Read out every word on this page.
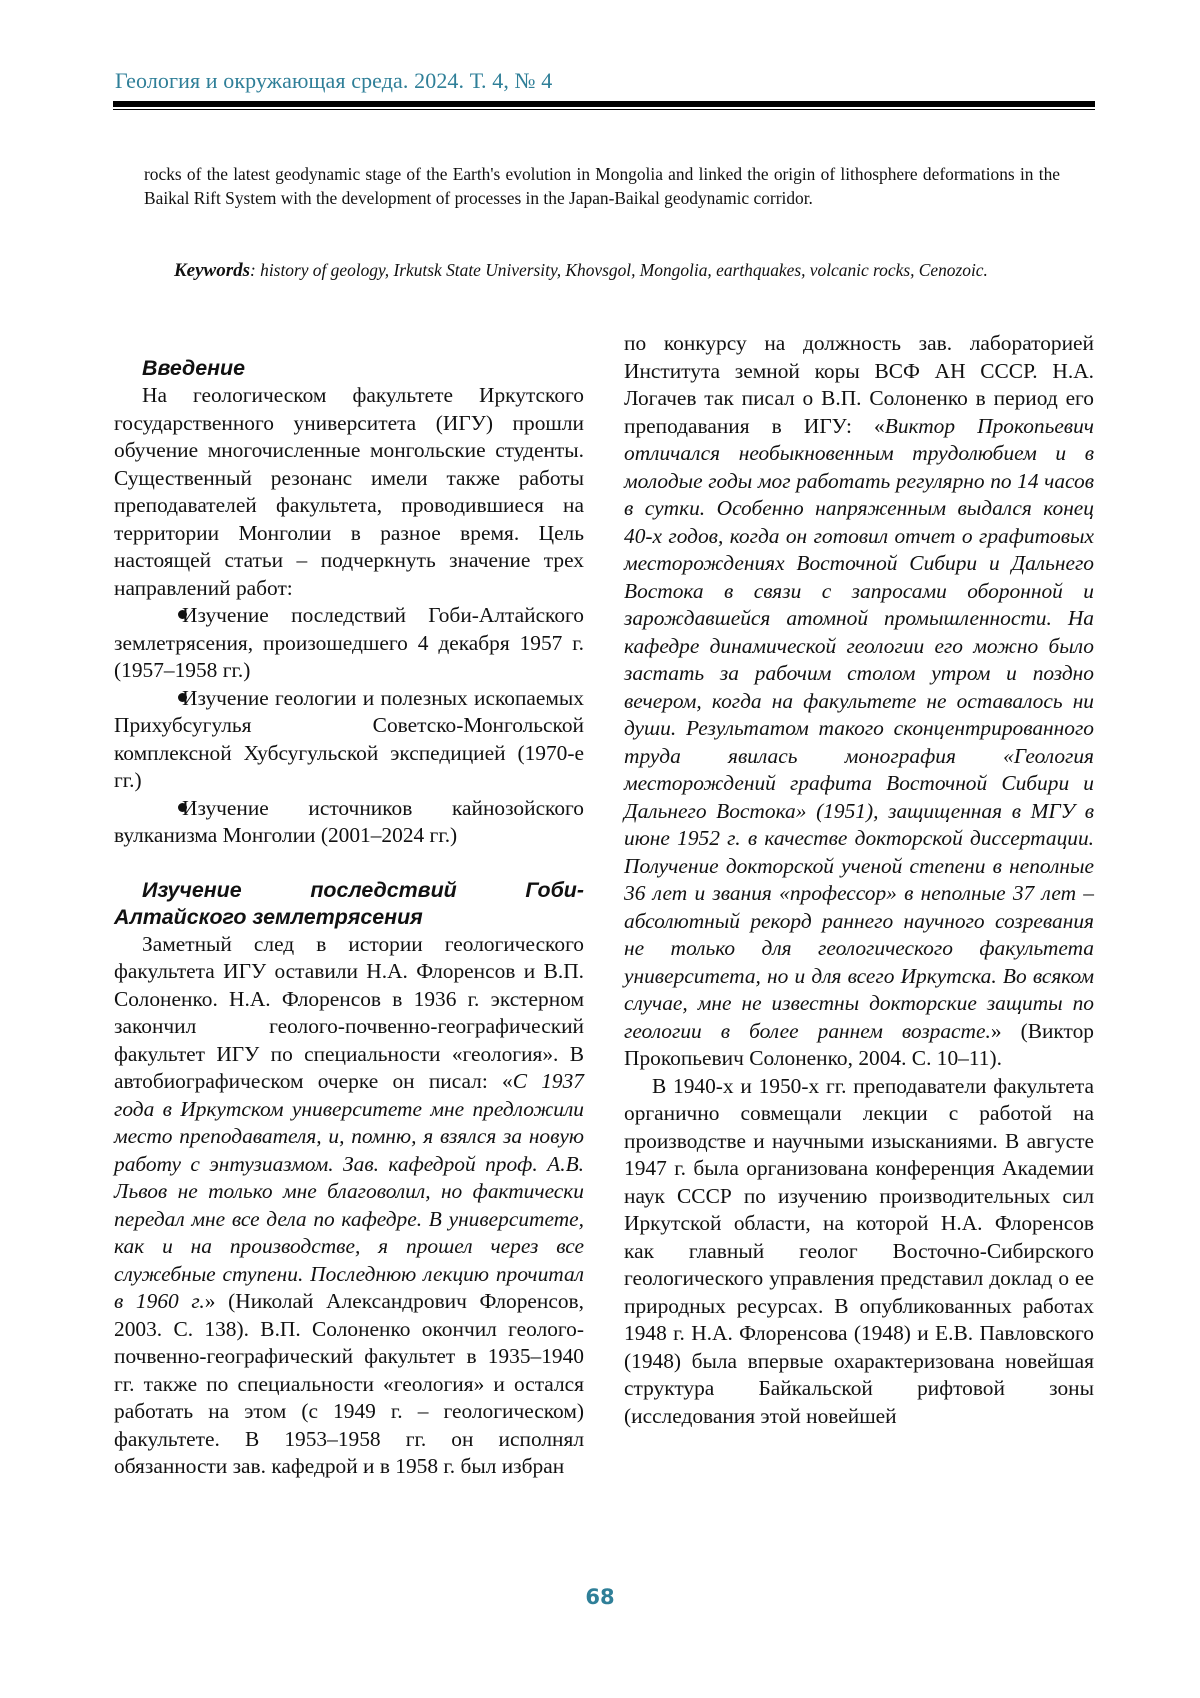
Геология и окружающая среда. 2024. Т. 4, № 4
rocks of the latest geodynamic stage of the Earth's evolution in Mongolia and linked the origin of lithosphere deformations in the Baikal Rift System with the development of processes in the Japan-Baikal geodynamic corridor.
Keywords: history of geology, Irkutsk State University, Khovsgol, Mongolia, earthquakes, volcanic rocks, Cenozoic.
Введение

На геологическом факультете Иркутского государственного университета (ИГУ) прошли обучение многочисленные монгольские студенты. Существенный резонанс имели также работы преподавателей факультета, проводившиеся на территории Монголии в разное время. Цель настоящей статьи – подчеркнуть значение трех направлений работ:

Изучение последствий Гоби-Алтайского землетрясения, произошедшего 4 декабря 1957 г. (1957–1958 гг.)
Изучение геологии и полезных ископаемых Прихубсугулья Советско-Монгольской комплексной Хубсугульской экспедицией (1970-е гг.)
Изучение источников кайнозойского вулканизма Монголии (2001–2024 гг.)
Изучение последствий Гоби-Алтайского землетрясения

Заметный след в истории геологического факультета ИГУ оставили Н.А. Флоренсов и В.П. Солоненко. Н.А. Флоренсов в 1936 г. экстерном закончил геолого-почвенно-географический факультет ИГУ по специальности «геология». В автобиографическом очерке он писал: «С 1937 года в Иркутском университете мне предложили место преподавателя, и, помню, я взялся за новую работу с энтузиазмом. Зав. кафедрой проф. А.В. Львов не только мне благоволил, но фактически передал мне все дела по кафедре. В университете, как и на производстве, я прошел через все служебные ступени. Последнюю лекцию прочитал в 1960 г.» (Николай Александрович Флоренсов, 2003. С. 138). В.П. Солоненко окончил геолого-почвенно-географический факультет в 1935–1940 гг. также по специальности «геология» и остался работать на этом (с 1949 г. – геологическом) факультете. В 1953–1958 гг. он исполнял обязанности зав. кафедрой и в 1958 г. был избран

по конкурсу на должность зав. лабораторией Института земной коры ВСФ АН СССР. Н.А. Логачев так писал о В.П. Солоненко в период его преподавания в ИГУ: «Виктор Прокопьевич отличался необыкновенным трудолюбием и в молодые годы мог работать регулярно по 14 часов в сутки. Особенно напряженным выдался конец 40-х годов, когда он готовил отчет о графитовых месторождениях Восточной Сибири и Дальнего Востока в связи с запросами оборонной и зарождавшейся атомной промышленности. На кафедре динамической геологии его можно было застать за рабочим столом утром и поздно вечером, когда на факультете не оставалось ни души. Результатом такого сконцентрированного труда явилась монография «Геология месторождений графита Восточной Сибири и Дальнего Востока» (1951), защищенная в МГУ в июне 1952 г. в качестве докторской диссертации. Получение докторской ученой степени в неполные 36 лет и звания «профессор» в неполные 37 лет – абсолютный рекорд раннего научного созревания не только для геологического факультета университета, но и для всего Иркутска. Во всяком случае, мне не известны докторские защиты по геологии в более раннем возрасте.» (Виктор Прокопьевич Солоненко, 2004. С. 10–11).

В 1940-х и 1950-х гг. преподаватели факультета органично совмещали лекции с работой на производстве и научными изысканиями. В августе 1947 г. была организована конференция Академии наук СССР по изучению производительных сил Иркутской области, на которой Н.А. Флоренсов как главный геолог Восточно-Сибирского геологического управления представил доклад о ее природных ресурсах. В опубликованных работах 1948 г. Н.А. Флоренсова (1948) и Е.В. Павловского (1948) была впервые охарактеризована новейшая структура Байкальской рифтовой зоны (исследования этой новейшей

68
